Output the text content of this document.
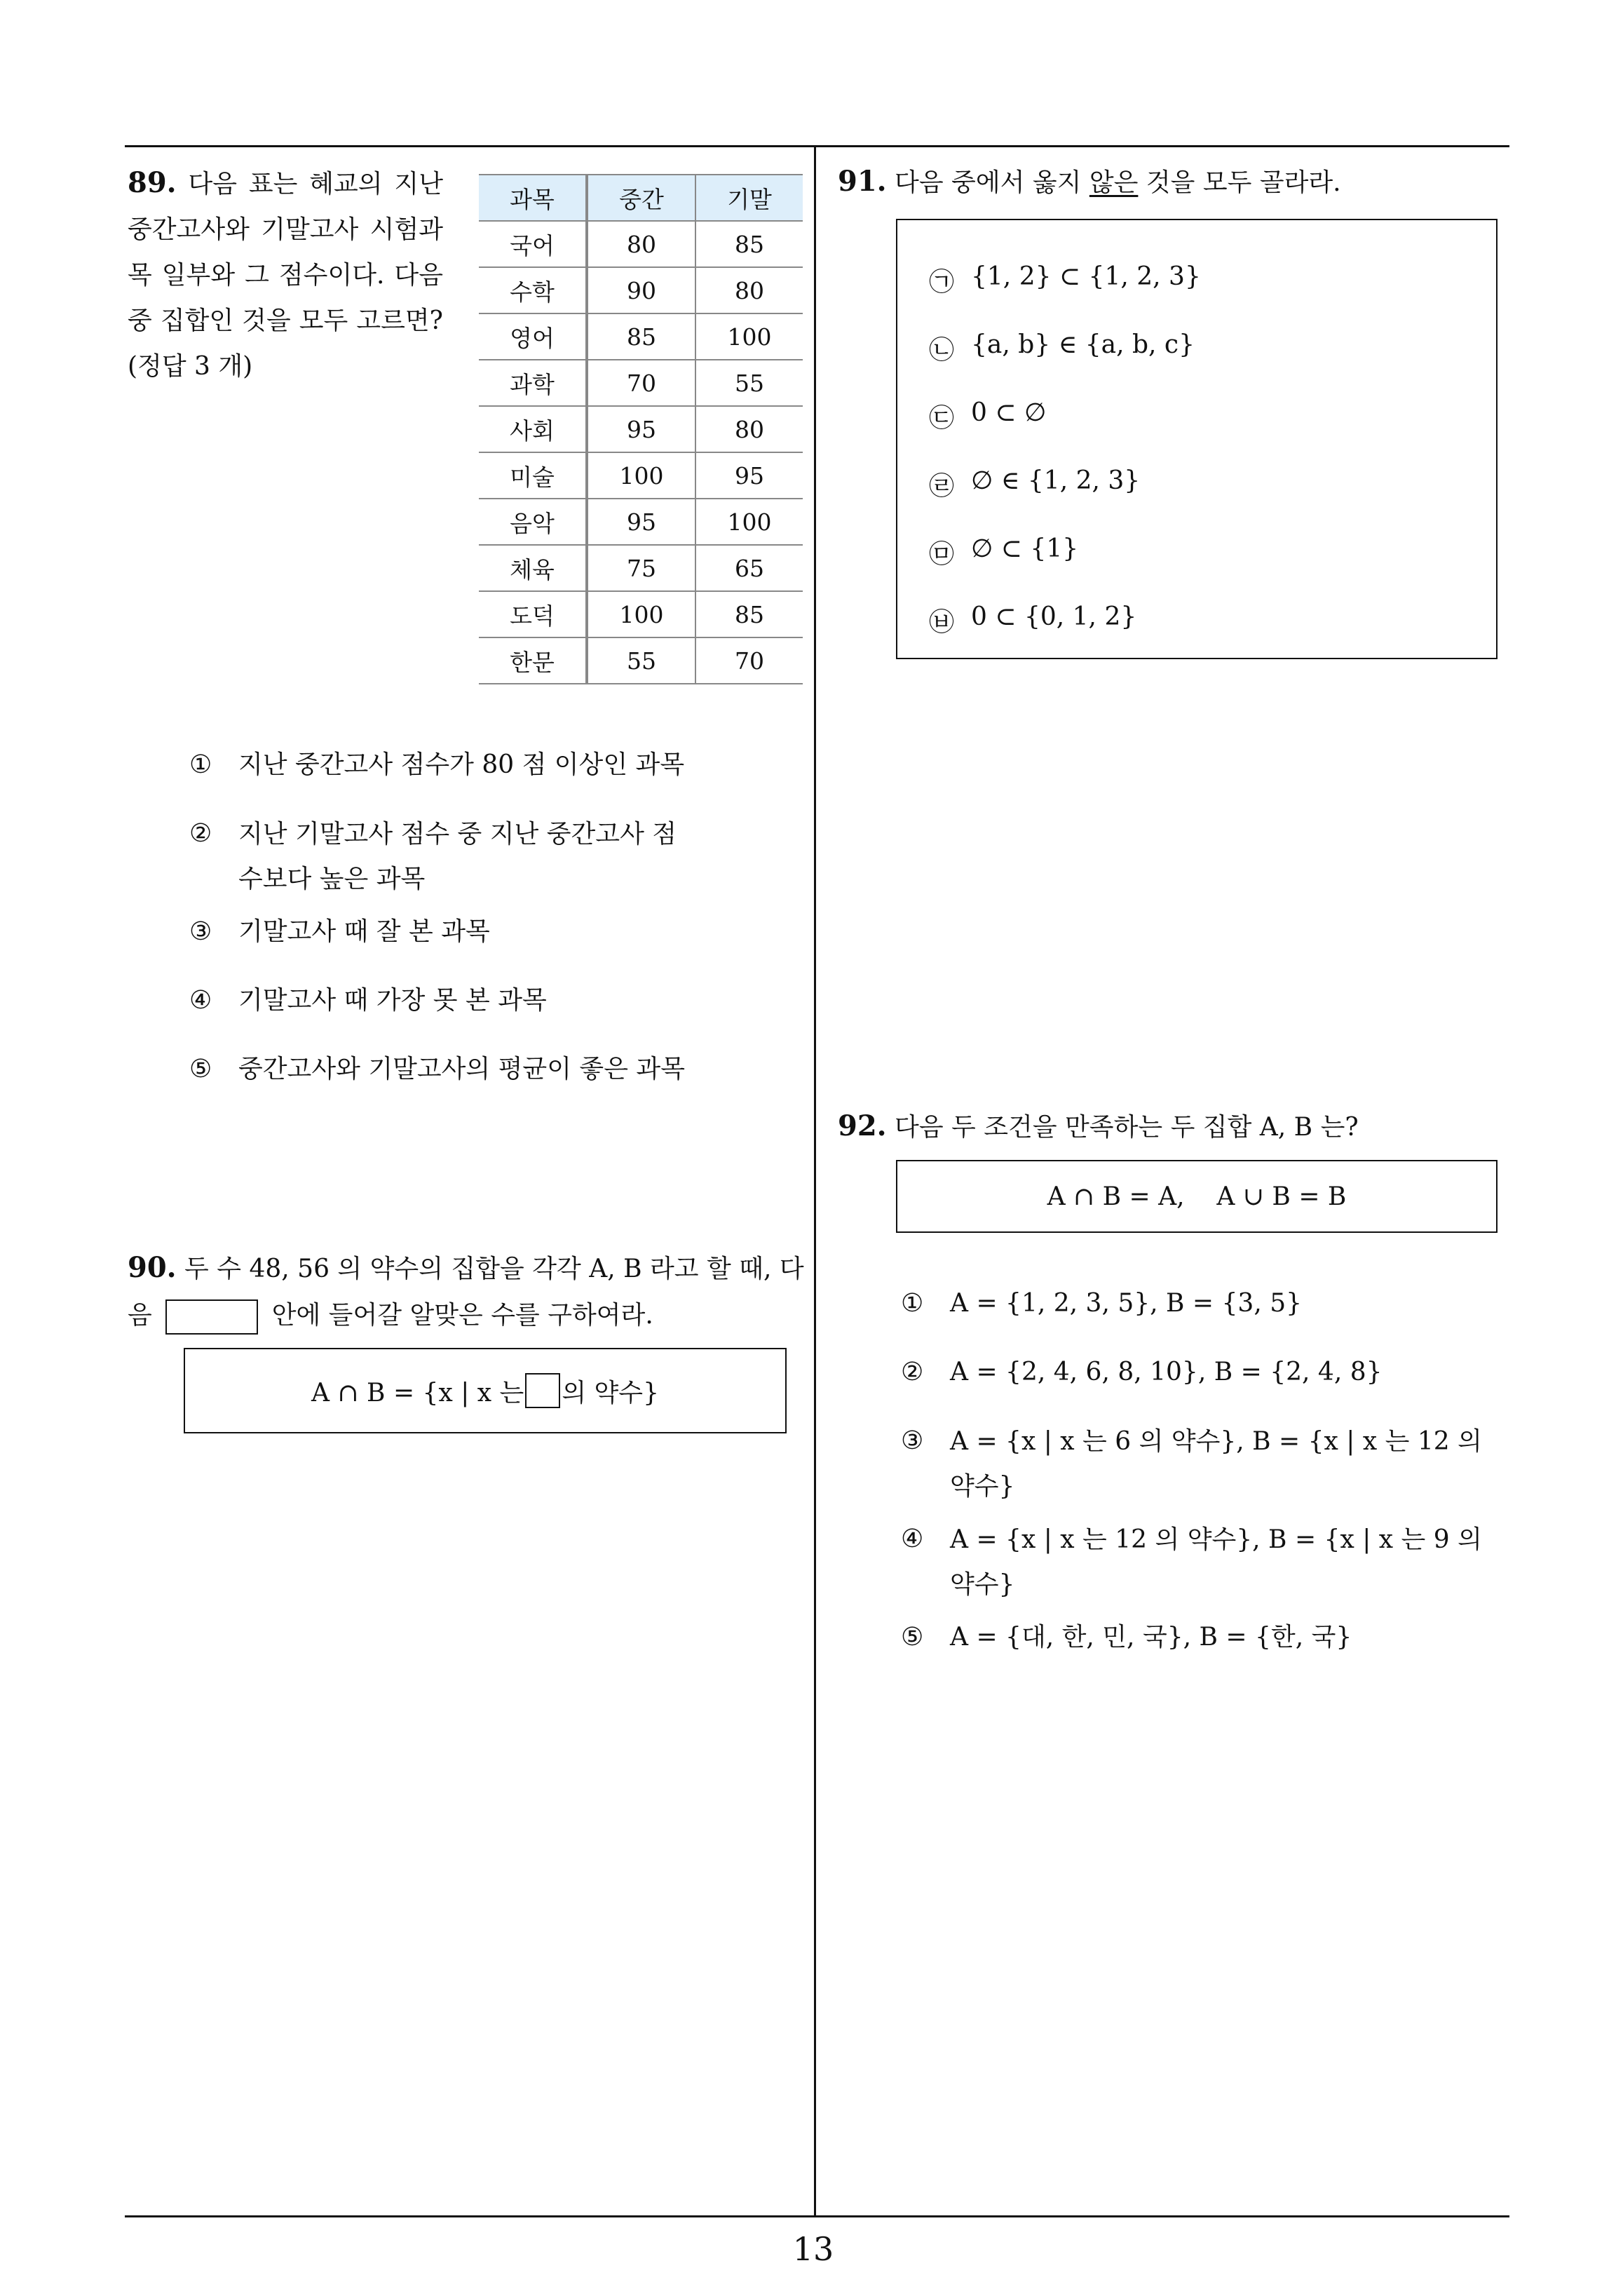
89. 다음 표는 혜교의 지난 중간고사와 기말고사 시험과목 일부와 그 점수이다. 다음 중 집합인 것을 모두 고르면? (정답 3 개)
과목	중간	기말
국어	80	85
수학	90	80
영어	85	100
과학	70	55
사회	95	80
미술	100	95
음악	95	100
체육	75	65
도덕	100	85
한문	55	70
①	지난 중간고사 점수가 80 점 이상인 과목
②	지난 기말고사 점수 중 지난 중간고사 점수보다 높은 과목
③	기말고사 때 잘 본 과목
④	기말고사 때 가장 못 본 과목
⑤	중간고사와 기말고사의 평균이 좋은 과목
90. 두 수 48, 56 의 약수의 집합을 각각 A, B 라고 할 때, 다음	안에 들어갈 알맞은 수를 구하여라.
A ∩ B = {x | x 는 의 약수}
91. 다음 중에서 옳지 않은 것을 모두 골라라.
㉠ {1, 2} ⊂ {1, 2, 3}
㉡ {a, b} ∈ {a, b, c}
㉢ 0 ⊂ ∅
㉣ ∅ ∈ {1, 2, 3}
㉤ ∅ ⊂ {1}
㉥ 0 ⊂ {0, 1, 2}
92. 다음 두 조건을 만족하는 두 집합 A, B 는?
A ∩ B = A,    A ∪ B = B
①	A = {1, 2, 3, 5}, B = {3, 5}
②	A = {2, 4, 6, 8, 10}, B = {2, 4, 8}
③	A = {x | x 는 6 의 약수}, B = {x | x 는 12 의 약수}
④	A = {x | x 는 12 의 약수}, B = {x | x 는 9 의 약수}
⑤	A = {대, 한, 민, 국}, B = {한, 국}
13
